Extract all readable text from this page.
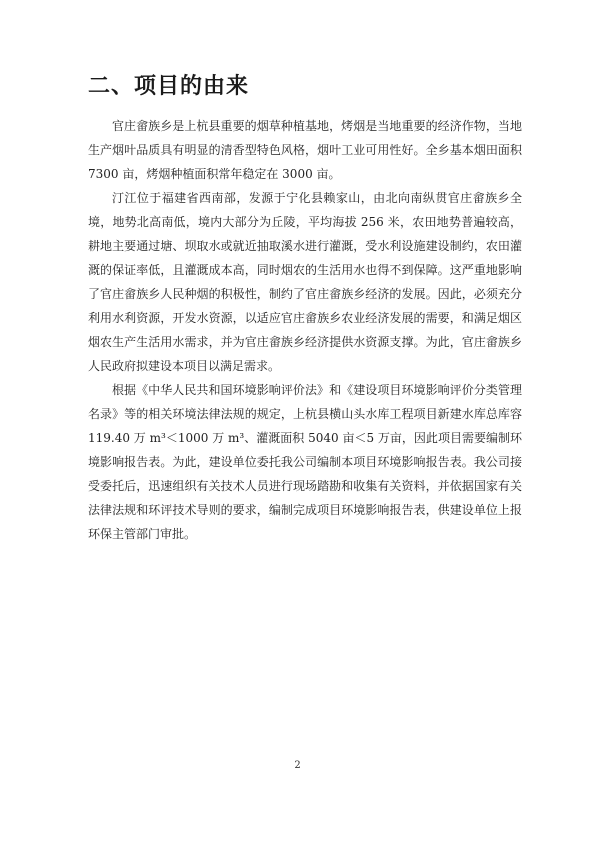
二、项目的由来

官庄畲族乡是上杭县重要的烟草种植基地，烤烟是当地重要的经济作物，当地生产烟叶品质具有明显的清香型特色风格，烟叶工业可用性好。全乡基本烟田面积 7300 亩，烤烟种植面积常年稳定在 3000 亩。

汀江位于福建省西南部，发源于宁化县赖家山，由北向南纵贯官庄畲族乡全境，地势北高南低，境内大部分为丘陵，平均海拔 256 米，农田地势普遍较高，耕地主要通过塘、坝取水或就近抽取溪水进行灌溉，受水利设施建设制约，农田灌溉的保证率低，且灌溉成本高，同时烟农的生活用水也得不到保障。这严重地影响了官庄畲族乡人民种烟的积极性，制约了官庄畲族乡经济的发展。因此，必须充分利用水利资源，开发水资源，以适应官庄畲族乡农业经济发展的需要，和满足烟区烟农生产生活用水需求，并为官庄畲族乡经济提供水资源支撑。为此，官庄畲族乡人民政府拟建设本项目以满足需求。

根据《中华人民共和国环境影响评价法》和《建设项目环境影响评价分类管理名录》等的相关环境法律法规的规定，上杭县横山头水库工程项目新建水库总库容 119.40 万 m³＜1000 万 m³、灌溉面积 5040 亩＜5 万亩，因此项目需要编制环境影响报告表。为此，建设单位委托我公司编制本项目环境影响报告表。我公司接受委托后，迅速组织有关技术人员进行现场踏勘和收集有关资料，并依据国家有关法律法规和环评技术导则的要求，编制完成项目环境影响报告表，供建设单位上报环保主管部门审批。

2
